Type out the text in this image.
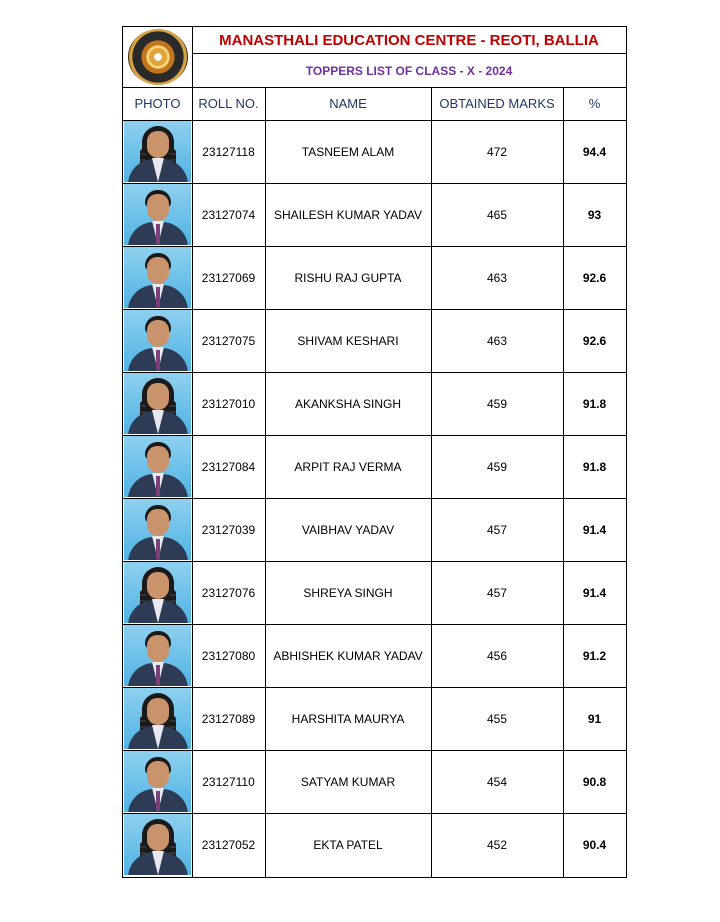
MANASTHALI EDUCATION CENTRE - REOTI, BALLIA
TOPPERS LIST OF CLASS - X - 2024
PHOTO	ROLL NO.	NAME	OBTAINED MARKS	%
23127118	TASNEEM ALAM	472	94.4
23127074	SHAILESH KUMAR YADAV	465	93
23127069	RISHU RAJ GUPTA	463	92.6
23127075	SHIVAM KESHARI	463	92.6
23127010	AKANKSHA SINGH	459	91.8
23127084	ARPIT RAJ VERMA	459	91.8
23127039	VAIBHAV YADAV	457	91.4
23127076	SHREYA SINGH	457	91.4
23127080	ABHISHEK KUMAR YADAV	456	91.2
23127089	HARSHITA MAURYA	455	91
23127110	SATYAM KUMAR	454	90.8
23127052	EKTA PATEL	452	90.4
